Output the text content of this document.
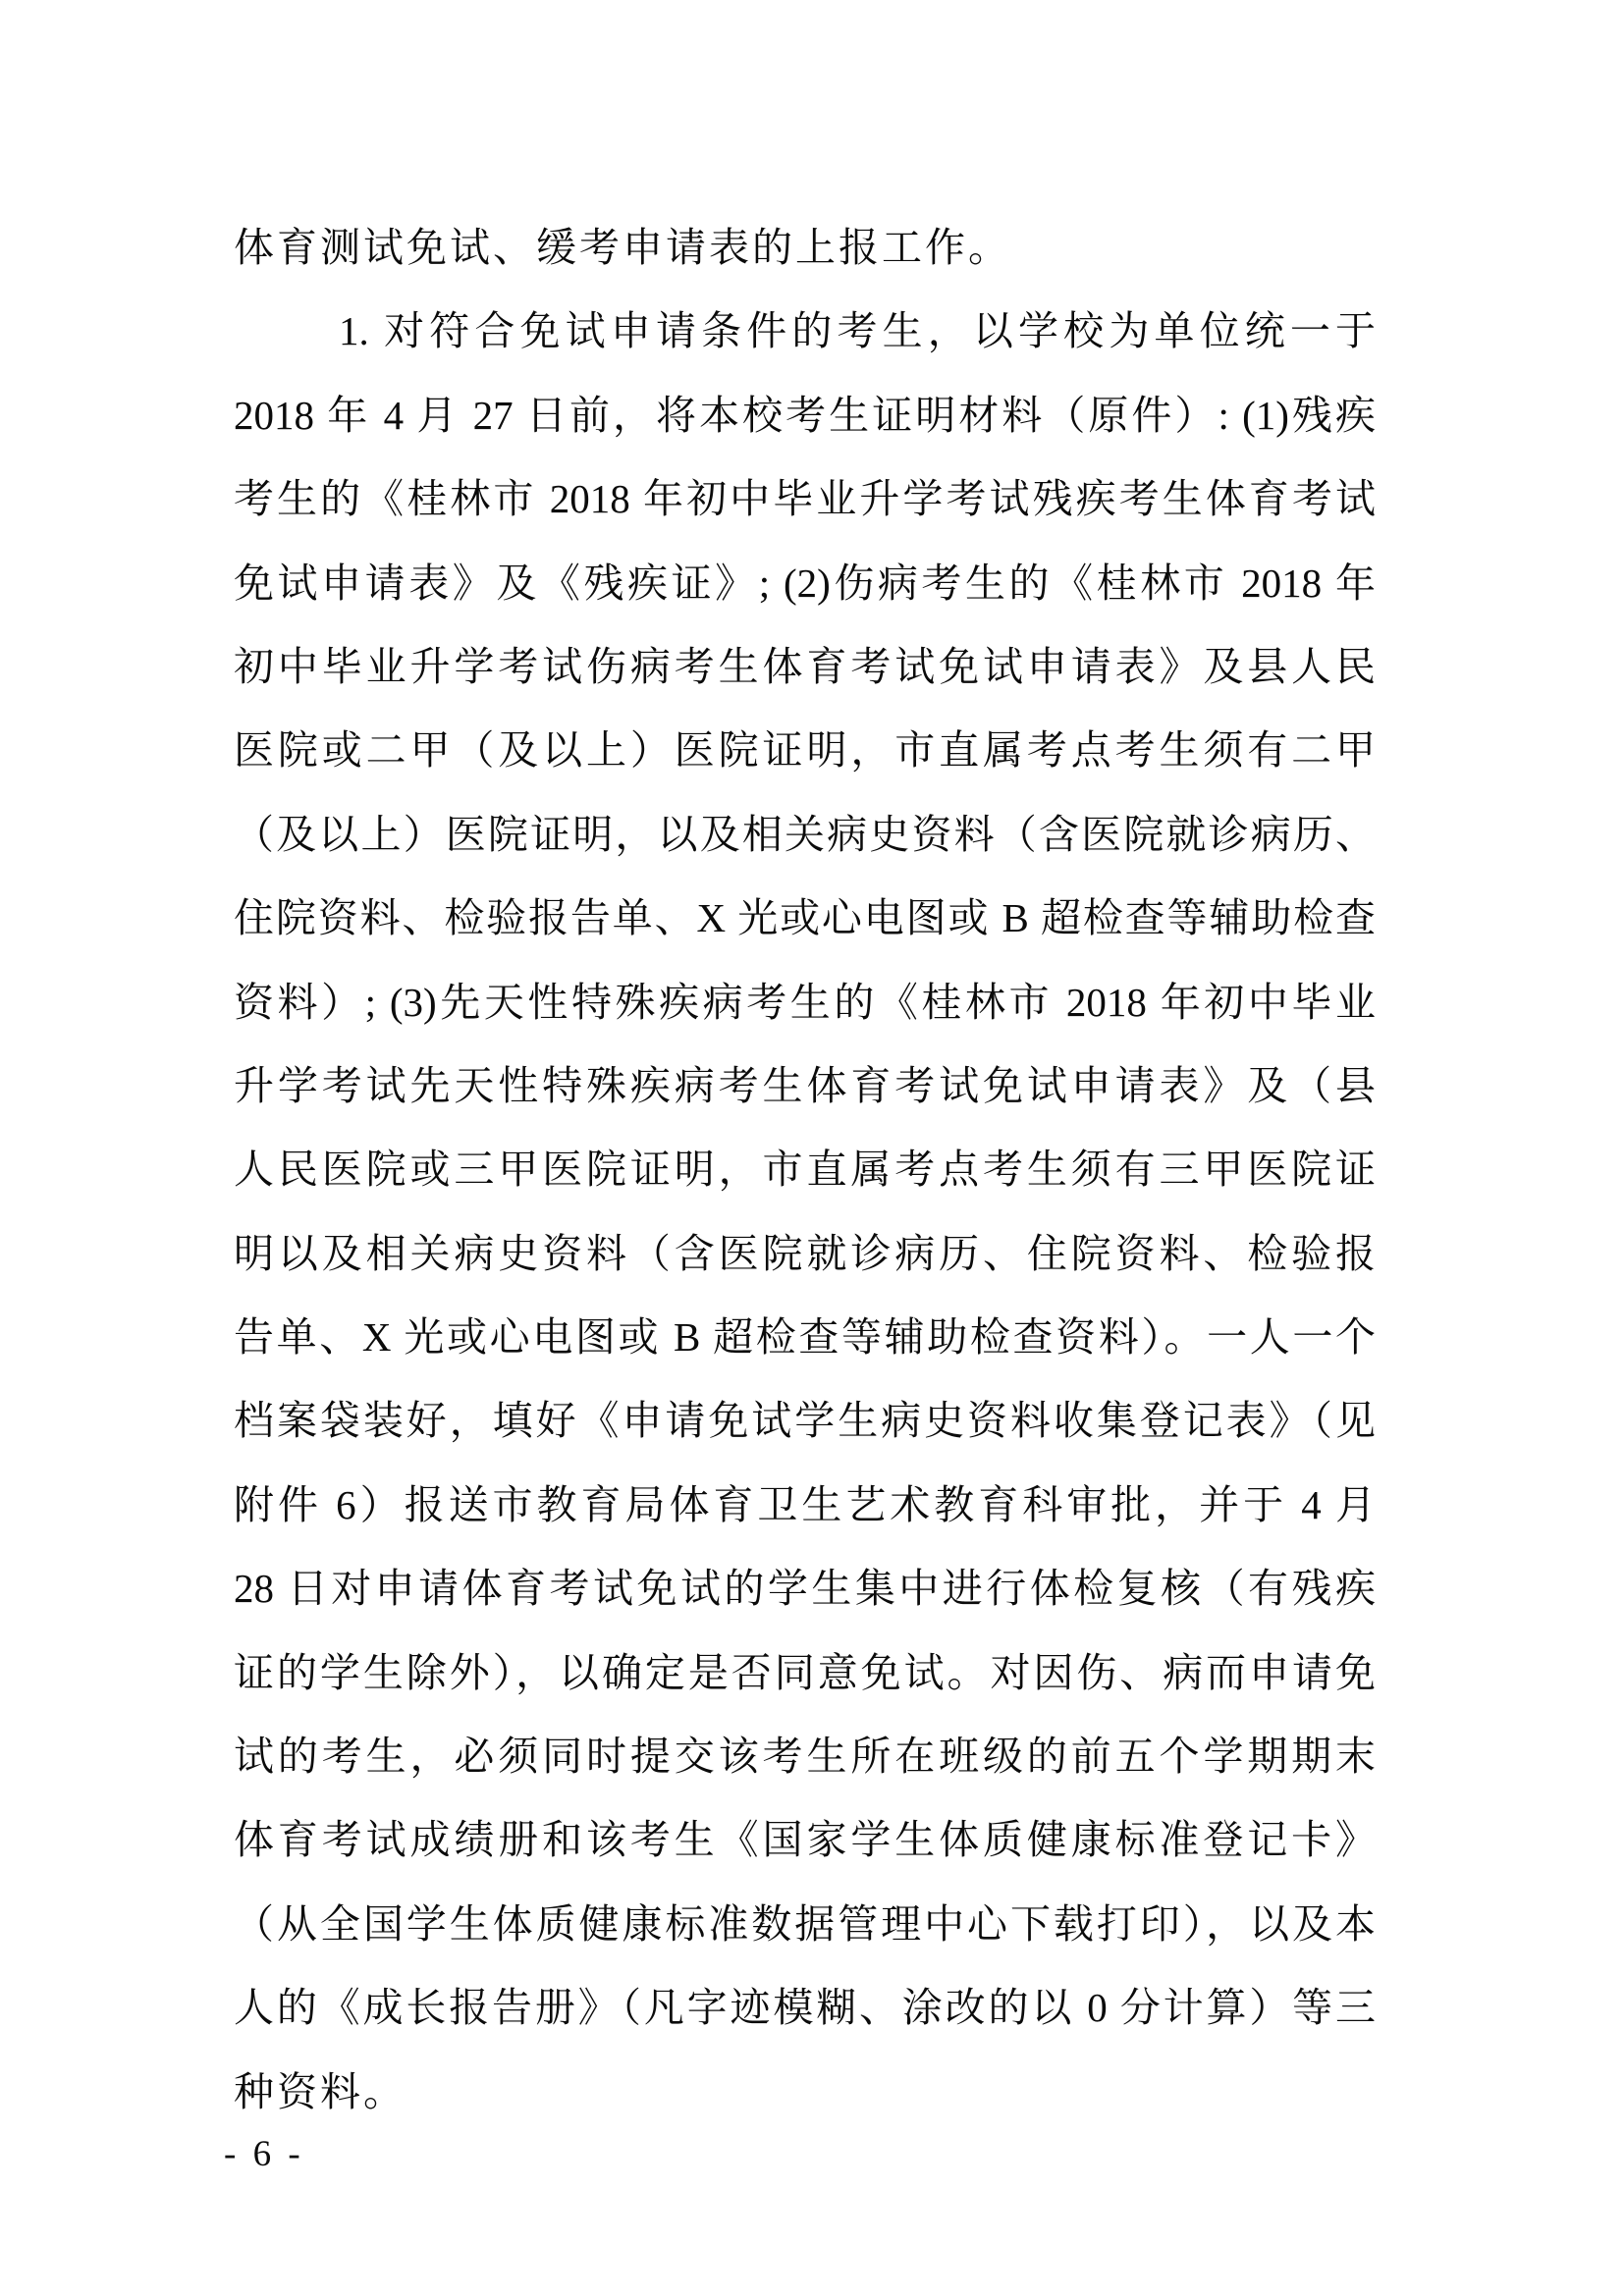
体育测试免试、缓考申请表的上报工作。
1. 对符合免试申请条件的考生，以学校为单位统一于
2018 年 4 月 27 日前，将本校考生证明材料（原件）: (1)残疾
考生的《桂林市 2018 年初中毕业升学考试残疾考生体育考试
免试申请表》及《残疾证》; (2)伤病考生的《桂林市 2018 年
初中毕业升学考试伤病考生体育考试免试申请表》及县人民
医院或二甲（及以上）医院证明，市直属考点考生须有二甲
（及以上）医院证明，以及相关病史资料（含医院就诊病历、
住院资料、检验报告单、X 光或心电图或 B 超检查等辅助检查
资料）; (3)先天性特殊疾病考生的《桂林市 2018 年初中毕业
升学考试先天性特殊疾病考生体育考试免试申请表》及（县
人民医院或三甲医院证明，市直属考点考生须有三甲医院证
明以及相关病史资料（含医院就诊病历、住院资料、检验报
告单、X 光或心电图或 B 超检查等辅助检查资料）。一人一个
档案袋装好，填好《申请免试学生病史资料收集登记表》（见
附件 6）报送市教育局体育卫生艺术教育科审批，并于 4 月
28 日对申请体育考试免试的学生集中进行体检复核（有残疾
证的学生除外），以确定是否同意免试。对因伤、病而申请免
试的考生，必须同时提交该考生所在班级的前五个学期期末
体育考试成绩册和该考生《国家学生体质健康标准登记卡》
（从全国学生体质健康标准数据管理中心下载打印），以及本
人的《成长报告册》（凡字迹模糊、涂改的以 0 分计算）等三
种资料。
- 6 -
